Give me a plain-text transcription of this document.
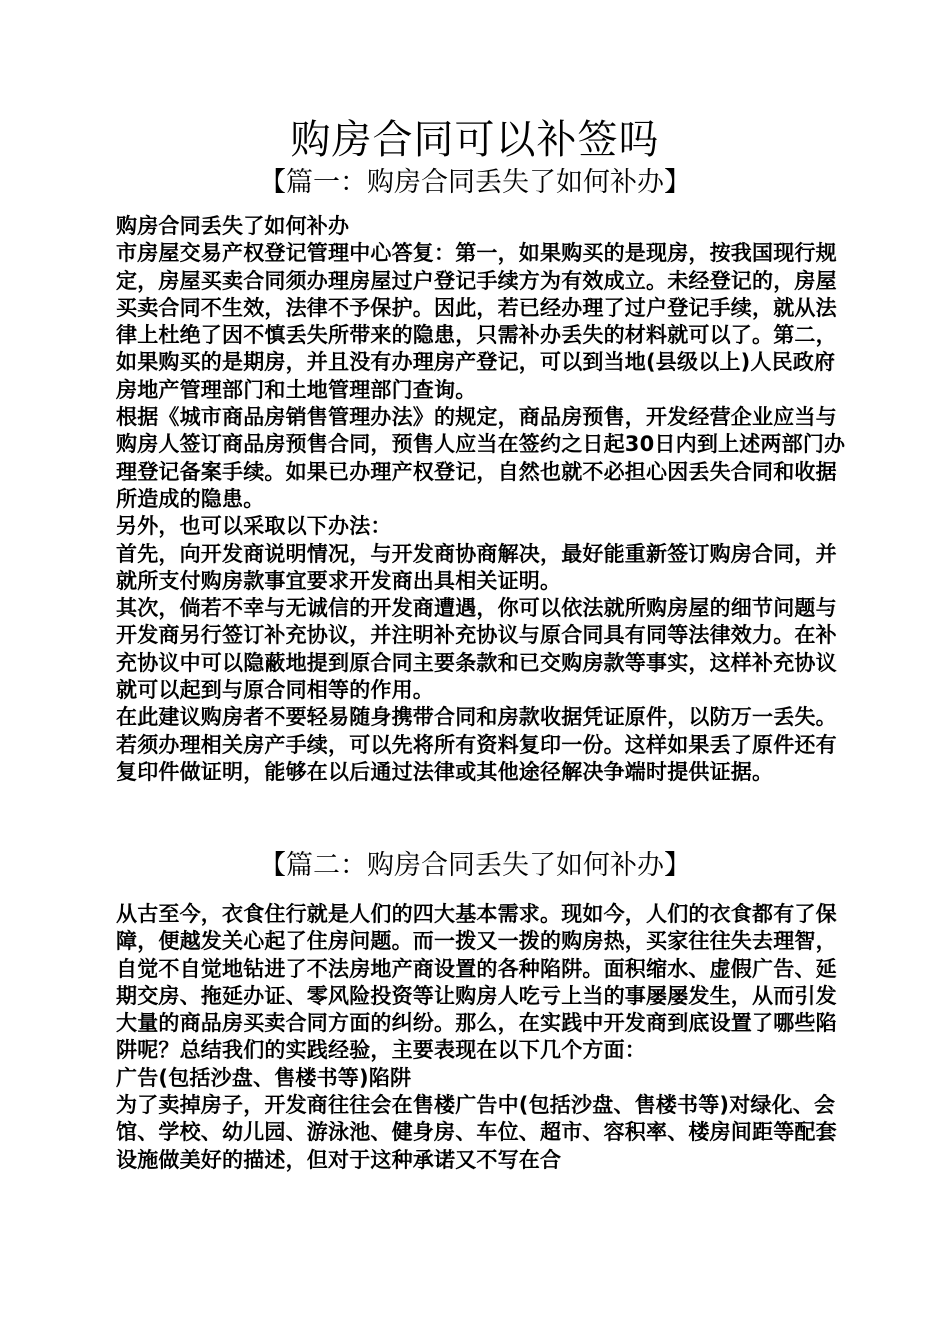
购房合同可以补签吗
【篇一：购房合同丢失了如何补办】

购房合同丢失了如何补办

市房屋交易产权登记管理中心答复：第一，如果购买的是现房，按我国现行规定，房屋买卖合同须办理房屋过户登记手续方为有效成立。未经登记的，房屋买卖合同不生效，法律不予保护。因此，若已经办理了过户登记手续，就从法律上杜绝了因不慎丢失所带来的隐患，只需补办丢失的材料就可以了。第二，如果购买的是期房，并且没有办理房产登记，可以到当地(县级以上)人民政府房地产管理部门和土地管理部门查询。

根据《城市商品房销售管理办法》的规定，商品房预售，开发经营企业应当与购房人签订商品房预售合同，预售人应当在签约之日起30日内到上述两部门办理登记备案手续。如果已办理产权登记，自然也就不必担心因丢失合同和收据所造成的隐患。

另外，也可以采取以下办法：

首先，向开发商说明情况，与开发商协商解决，最好能重新签订购房合同，并就所支付购房款事宜要求开发商出具相关证明。

其次，倘若不幸与无诚信的开发商遭遇，你可以依法就所购房屋的细节问题与开发商另行签订补充协议，并注明补充协议与原合同具有同等法律效力。在补充协议中可以隐蔽地提到原合同主要条款和已交购房款等事实，这样补充协议就可以起到与原合同相等的作用。

在此建议购房者不要轻易随身携带合同和房款收据凭证原件，以防万一丢失。若须办理相关房产手续，可以先将所有资料复印一份。这样如果丢了原件还有复印件做证明，能够在以后通过法律或其他途径解决争端时提供证据。

【篇二：购房合同丢失了如何补办】

从古至今，衣食住行就是人们的四大基本需求。现如今，人们的衣食都有了保障，便越发关心起了住房问题。而一拨又一拨的购房热，买家往往失去理智，自觉不自觉地钻进了不法房地产商设置的各种陷阱。面积缩水、虚假广告、延期交房、拖延办证、零风险投资等让购房人吃亏上当的事屡屡发生，从而引发大量的商品房买卖合同方面的纠纷。那么，在实践中开发商到底设置了哪些陷阱呢？总结我们的实践经验，主要表现在以下几个方面：

广告(包括沙盘、售楼书等)陷阱

为了卖掉房子，开发商往往会在售楼广告中(包括沙盘、售楼书等)对绿化、会馆、学校、幼儿园、游泳池、健身房、车位、超市、容积率、楼房间距等配套设施做美好的描述，但对于这种承诺又不写在合
